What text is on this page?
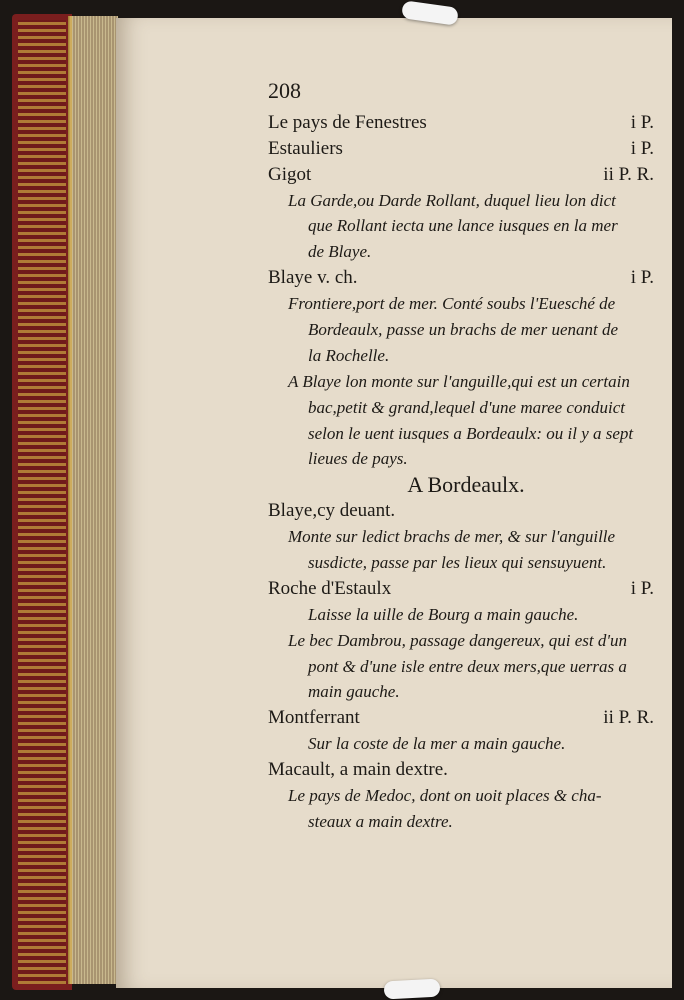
208
Le pays de Fenestres	i P.
Estauliers	i P.
Gigot	ii P. R.
La Garde,ou Darde Rollant, duquel lieu lon dict
que Rollant iecta une lance iusques en la mer
de Blaye.
Blaye v. ch.	i P.
Frontiere,port de mer. Conté soubs l'Euesché de
Bordeaulx, passe un brachs de mer uenant de
la Rochelle.
A Blaye lon monte sur l'anguille,qui est un certain
bac,petit & grand,lequel d'une maree conduict
selon le uent iusques a Bordeaulx: ou il y a sept
lieues de pays.
A Bordeaulx.
Blaye,cy deuant.
Monte sur ledict brachs de mer, & sur l'anguille
susdicte, passe par les lieux qui sensuyuent.
Roche d'Estaulx	i P.
Laisse la uille de Bourg a main gauche.
Le bec Dambrou, passage dangereux, qui est d'un
pont & d'une isle entre deux mers,que uerras a
main gauche.
Montferrant	ii P. R.
Sur la coste de la mer a main gauche.
Macault, a main dextre.
Le pays de Medoc, dont on uoit places & cha-
steaux a main dextre.
